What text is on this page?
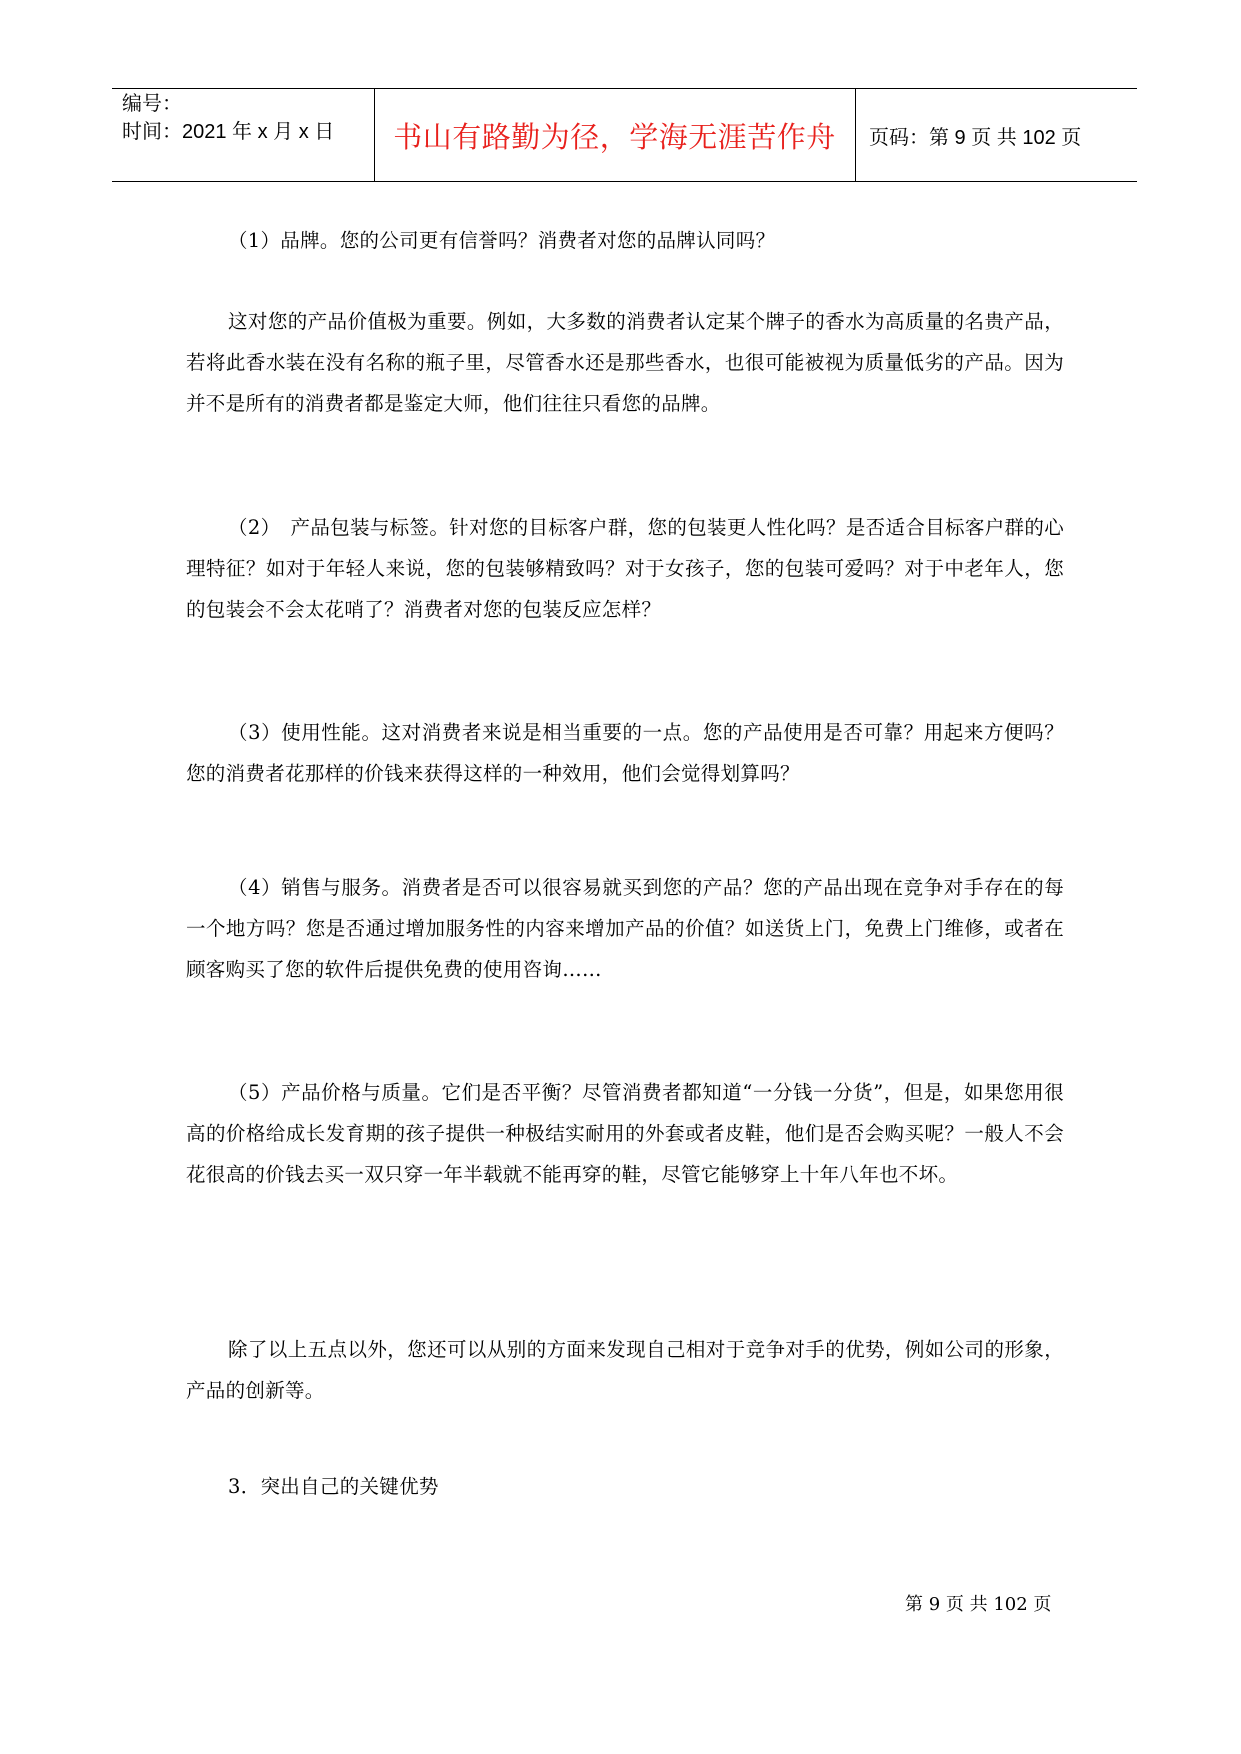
编号：
时间：2021 年 x 月 x 日	书山有路勤为径，学海无涯苦作舟	页码：第 9 页 共 102 页

（1）品牌。您的公司更有信誉吗？消费者对您的品牌认同吗？

这对您的产品价值极为重要。例如，大多数的消费者认定某个牌子的香水为高质量的名贵产品，若将此香水装在没有名称的瓶子里，尽管香水还是那些香水，也很可能被视为质量低劣的产品。因为并不是所有的消费者都是鉴定大师，他们往往只看您的品牌。

（2）　产品包装与标签。针对您的目标客户群，您的包装更人性化吗？是否适合目标客户群的心理特征？如对于年轻人来说，您的包装够精致吗？对于女孩子，您的包装可爱吗？对于中老年人，您的包装会不会太花哨了？消费者对您的包装反应怎样？

（3）使用性能。这对消费者来说是相当重要的一点。您的产品使用是否可靠？用起来方便吗？您的消费者花那样的价钱来获得这样的一种效用，他们会觉得划算吗？

（4）销售与服务。消费者是否可以很容易就买到您的产品？您的产品出现在竞争对手存在的每一个地方吗？您是否通过增加服务性的内容来增加产品的价值？如送货上门，免费上门维修，或者在顾客购买了您的软件后提供免费的使用咨询……

（5）产品价格与质量。它们是否平衡？尽管消费者都知道“一分钱一分货”，但是，如果您用很高的价格给成长发育期的孩子提供一种极结实耐用的外套或者皮鞋，他们是否会购买呢？一般人不会花很高的价钱去买一双只穿一年半载就不能再穿的鞋，尽管它能够穿上十年八年也不坏。

除了以上五点以外，您还可以从别的方面来发现自己相对于竞争对手的优势，例如公司的形象，产品的创新等。

3．突出自己的关键优势

第 9 页 共 102 页
